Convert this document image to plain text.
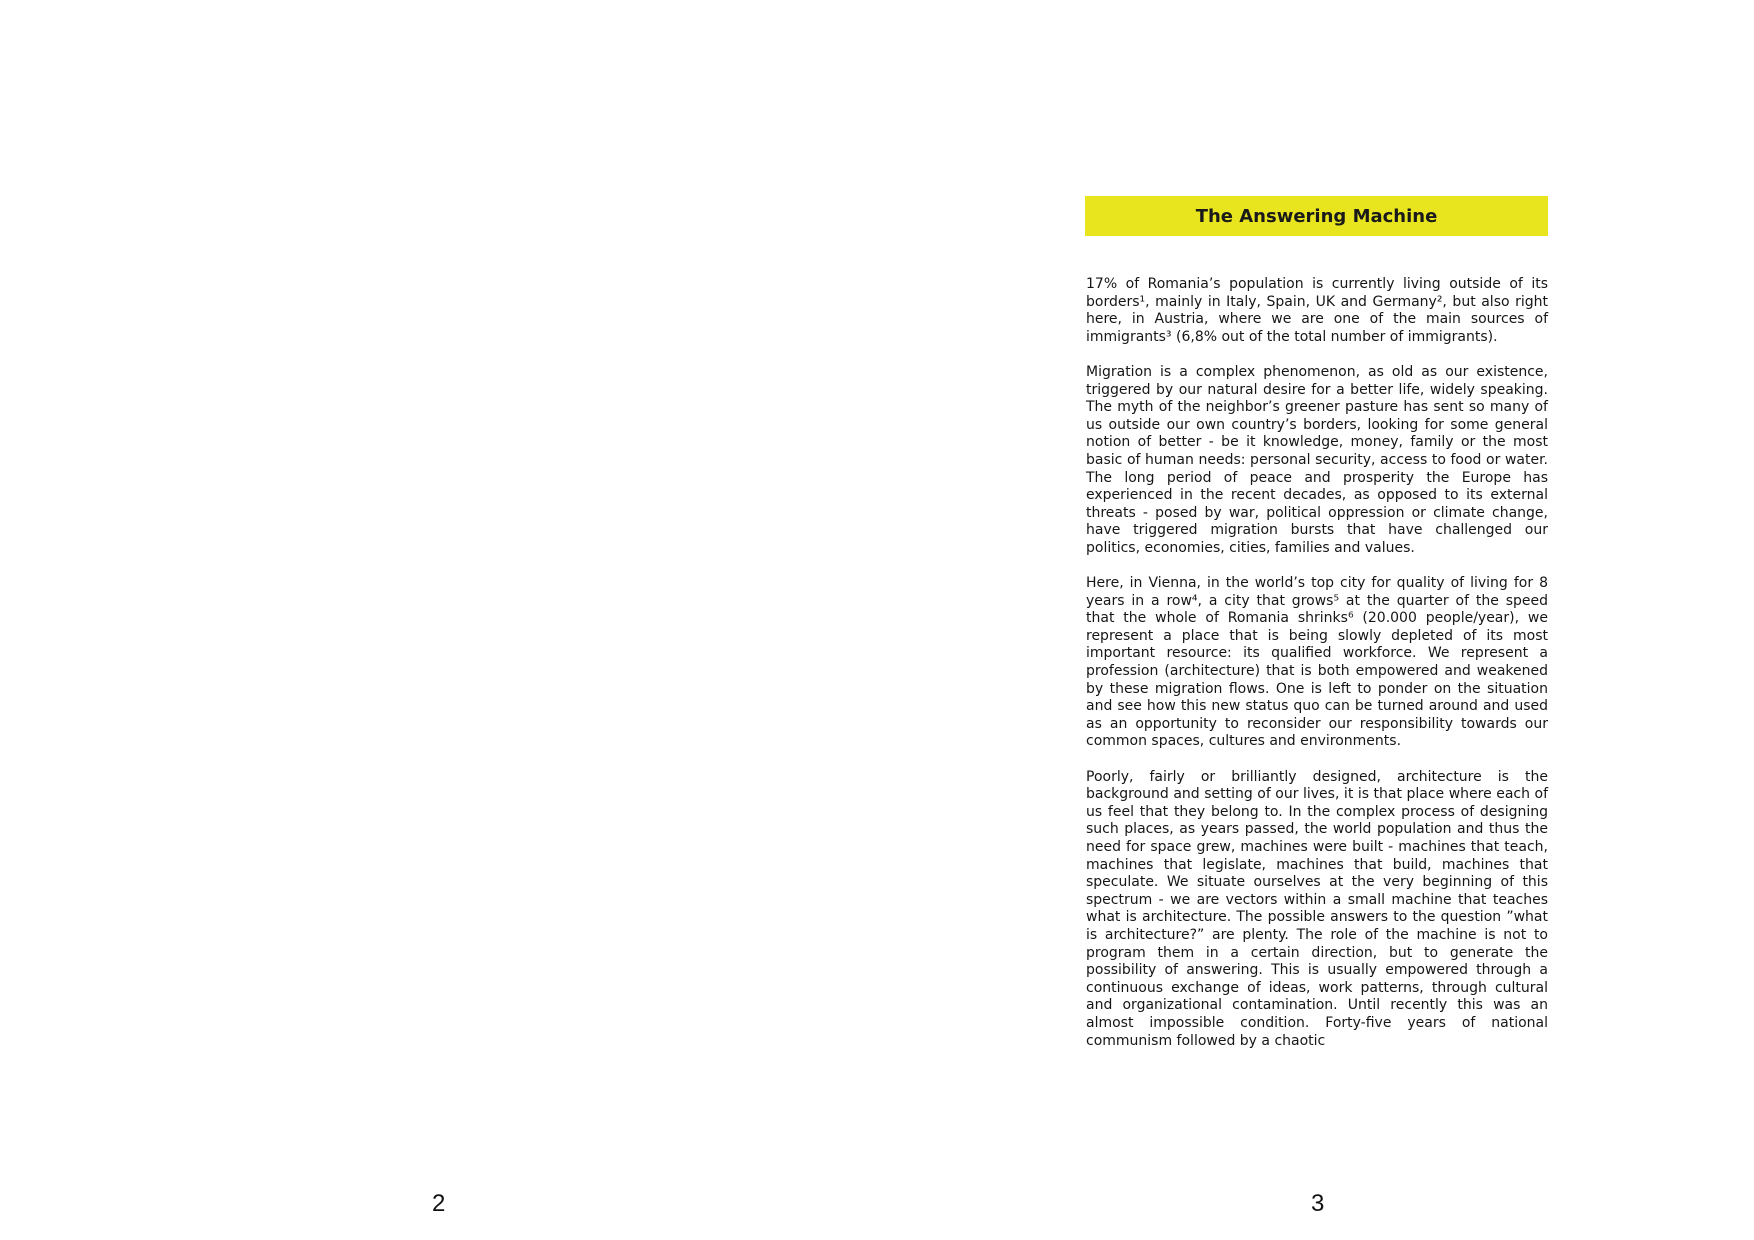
The Answering Machine

17% of Romania’s population is currently living outside of its borders¹, mainly in Italy, Spain, UK and Germany², but also right here, in Austria, where we are one of the main sources of immigrants³ (6,8% out of the total number of immigrants).

Migration is a complex phenomenon, as old as our existence, triggered by our natural desire for a better life, widely speaking. The myth of the neighbor’s greener pasture has sent so many of us outside our own country’s borders, looking for some general notion of better - be it knowledge, money, family or the most basic of human needs: personal security, access to food or water. The long period of peace and prosperity the Europe has experienced in the recent decades, as opposed to its external threats - posed by war, political oppression or climate change, have triggered migration bursts that have challenged our politics, economies, cities, families and values.

Here, in Vienna, in the world’s top city for quality of living for 8 years in a row⁴, a city that grows⁵ at the quarter of the speed that the whole of Romania shrinks⁶ (20.000 people/year), we represent a place that is being slowly depleted of its most important resource: its qualified workforce. We represent a profession (architecture) that is both empowered and weakened by these migration flows. One is left to ponder on the situation and see how this new status quo can be turned around and used as an opportunity to reconsider our responsibility towards our common spaces, cultures and environments.

Poorly, fairly or brilliantly designed, architecture is the background and setting of our lives, it is that place where each of us feel that they belong to. In the complex process of designing such places, as years passed, the world population and thus the need for space grew, machines were built - machines that teach, machines that legislate, machines that build, machines that speculate. We situate ourselves at the very beginning of this spectrum - we are vectors within a small machine that teaches what is architecture. The possible answers to the question ”what is architecture?” are plenty. The role of the machine is not to program them in a certain direction, but to generate the possibility of answering. This is usually empowered through a continuous exchange of ideas, work patterns, through cultural and organizational contamination. Until recently this was an almost impossible condition. Forty-five years of national communism followed by a chaotic

2	3
